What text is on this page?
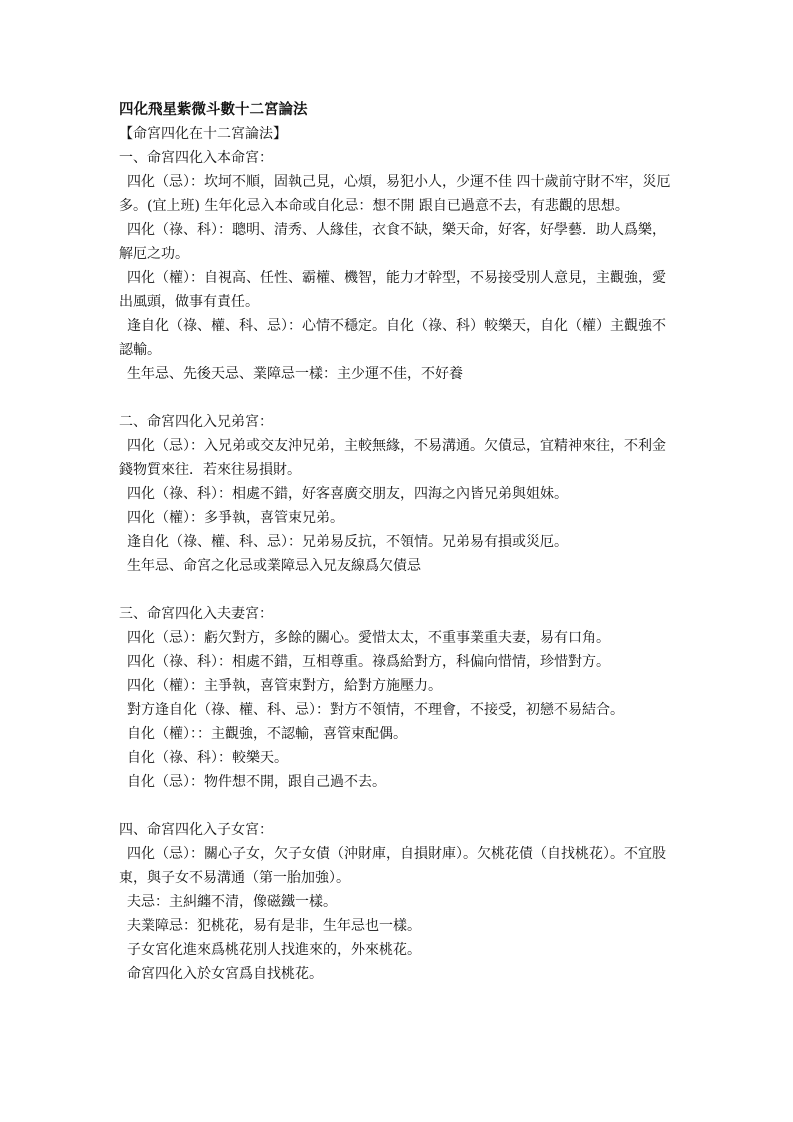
四化飛星紫微斗數十二宮論法

【命宮四化在十二宮論法】

一、命宮四化入本命宮：

四化（忌）：坎坷不順，固執己見，心煩，易犯小人，少運不佳 四十歲前守財不牢，災厄多。(宜上班) 生年化忌入本命或自化忌：想不開 跟自已過意不去，有悲觀的思想。

四化（祿、科）：聰明、清秀、人緣佳，衣食不缺，樂天命，好客，好學藝．助人爲樂， 解厄之功。

四化（權）：自視高、任性、霸權、機智，能力才幹型，不易接受別人意見，主觀強，愛出風頭，做事有責任。

逢自化（祿、權、科、忌）：心情不穩定。自化（祿、科）較樂天，自化（權）主觀強不認輸。

生年忌、先後天忌、業障忌一樣：主少運不佳，不好養

二、命宮四化入兄弟宮：

四化（忌）：入兄弟或交友沖兄弟，主較無緣，不易溝通。欠債忌，宜精神來往，不利金錢物質來往．若來往易損財。

四化（祿、科）：相處不錯，好客喜廣交朋友，四海之內皆兄弟與姐妹。

四化（權）：多爭執，喜管束兄弟。

逢自化（祿、權、科、忌）：兄弟易反抗，不領情。兄弟易有損或災厄。

生年忌、命宮之化忌或業障忌入兄友線爲欠債忌

三、命宮四化入夫妻宮：

四化（忌）：虧欠對方，多餘的關心。愛惜太太，不重事業重夫妻，易有口角。

四化（祿、科）：相處不錯，互相尊重。祿爲給對方，科偏向惜情，珍惜對方。

四化（權）：主爭執，喜管束對方，給對方施壓力。

對方逢自化（祿、權、科、忌）：對方不領情，不理會，不接受，初戀不易結合。

自化（權）：：主觀強，不認輸，喜管束配偶。

自化（祿、科）：較樂天。

自化（忌）：物件想不開，跟自己過不去。

四、命宮四化入子女宮：

四化（忌）：關心子女，欠子女債（沖財庫，自損財庫）。欠桃花債（自找桃花）。不宜股東，與子女不易溝通（第一胎加強）。

夫忌：主糾纏不清，像磁鐵一樣。

夫業障忌：犯桃花，易有是非，生年忌也一樣。

子女宮化進來爲桃花別人找進來的，外來桃花。

命宮四化入於女宮爲自找桃花。
